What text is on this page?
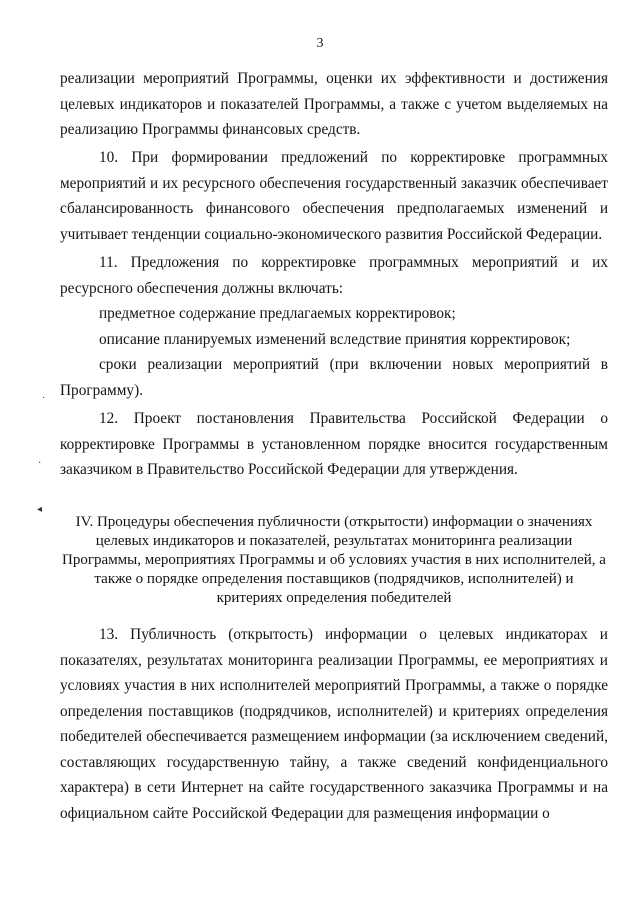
3

реализации мероприятий Программы, оценки их эффективности и достижения целевых индикаторов и показателей Программы, а также с учетом выделяемых на реализацию Программы финансовых средств.

10. При формировании предложений по корректировке программных мероприятий и их ресурсного обеспечения государственный заказчик обеспечивает сбалансированность финансового обеспечения предполагаемых изменений и учитывает тенденции социально-экономического развития Российской Федерации.

11. Предложения по корректировке программных мероприятий и их ресурсного обеспечения должны включать:

предметное содержание предлагаемых корректировок;

описание планируемых изменений вследствие принятия корректировок;

сроки реализации мероприятий (при включении новых мероприятий в Программу).

12. Проект постановления Правительства Российской Федерации о корректировке Программы в установленном порядке вносится государственным заказчиком в Правительство Российской Федерации для утверждения.

IV. Процедуры обеспечения публичности (открытости) информации о значениях целевых индикаторов и показателей, результатах мониторинга реализации Программы, мероприятиях Программы и об условиях участия в них исполнителей, а также о порядке определения поставщиков (подрядчиков, исполнителей) и критериях определения победителей

13. Публичность (открытость) информации о целевых индикаторах и показателях, результатах мониторинга реализации Программы, ее мероприятиях и условиях участия в них исполнителей мероприятий Программы, а также о порядке определения поставщиков (подрядчиков, исполнителей) и критериях определения победителей обеспечивается размещением информации (за исключением сведений, составляющих государственную тайну, а также сведений конфиденциального характера) в сети Интернет на сайте государственного заказчика Программы и на официальном сайте Российской Федерации для размещения информации о

·
·
◂
